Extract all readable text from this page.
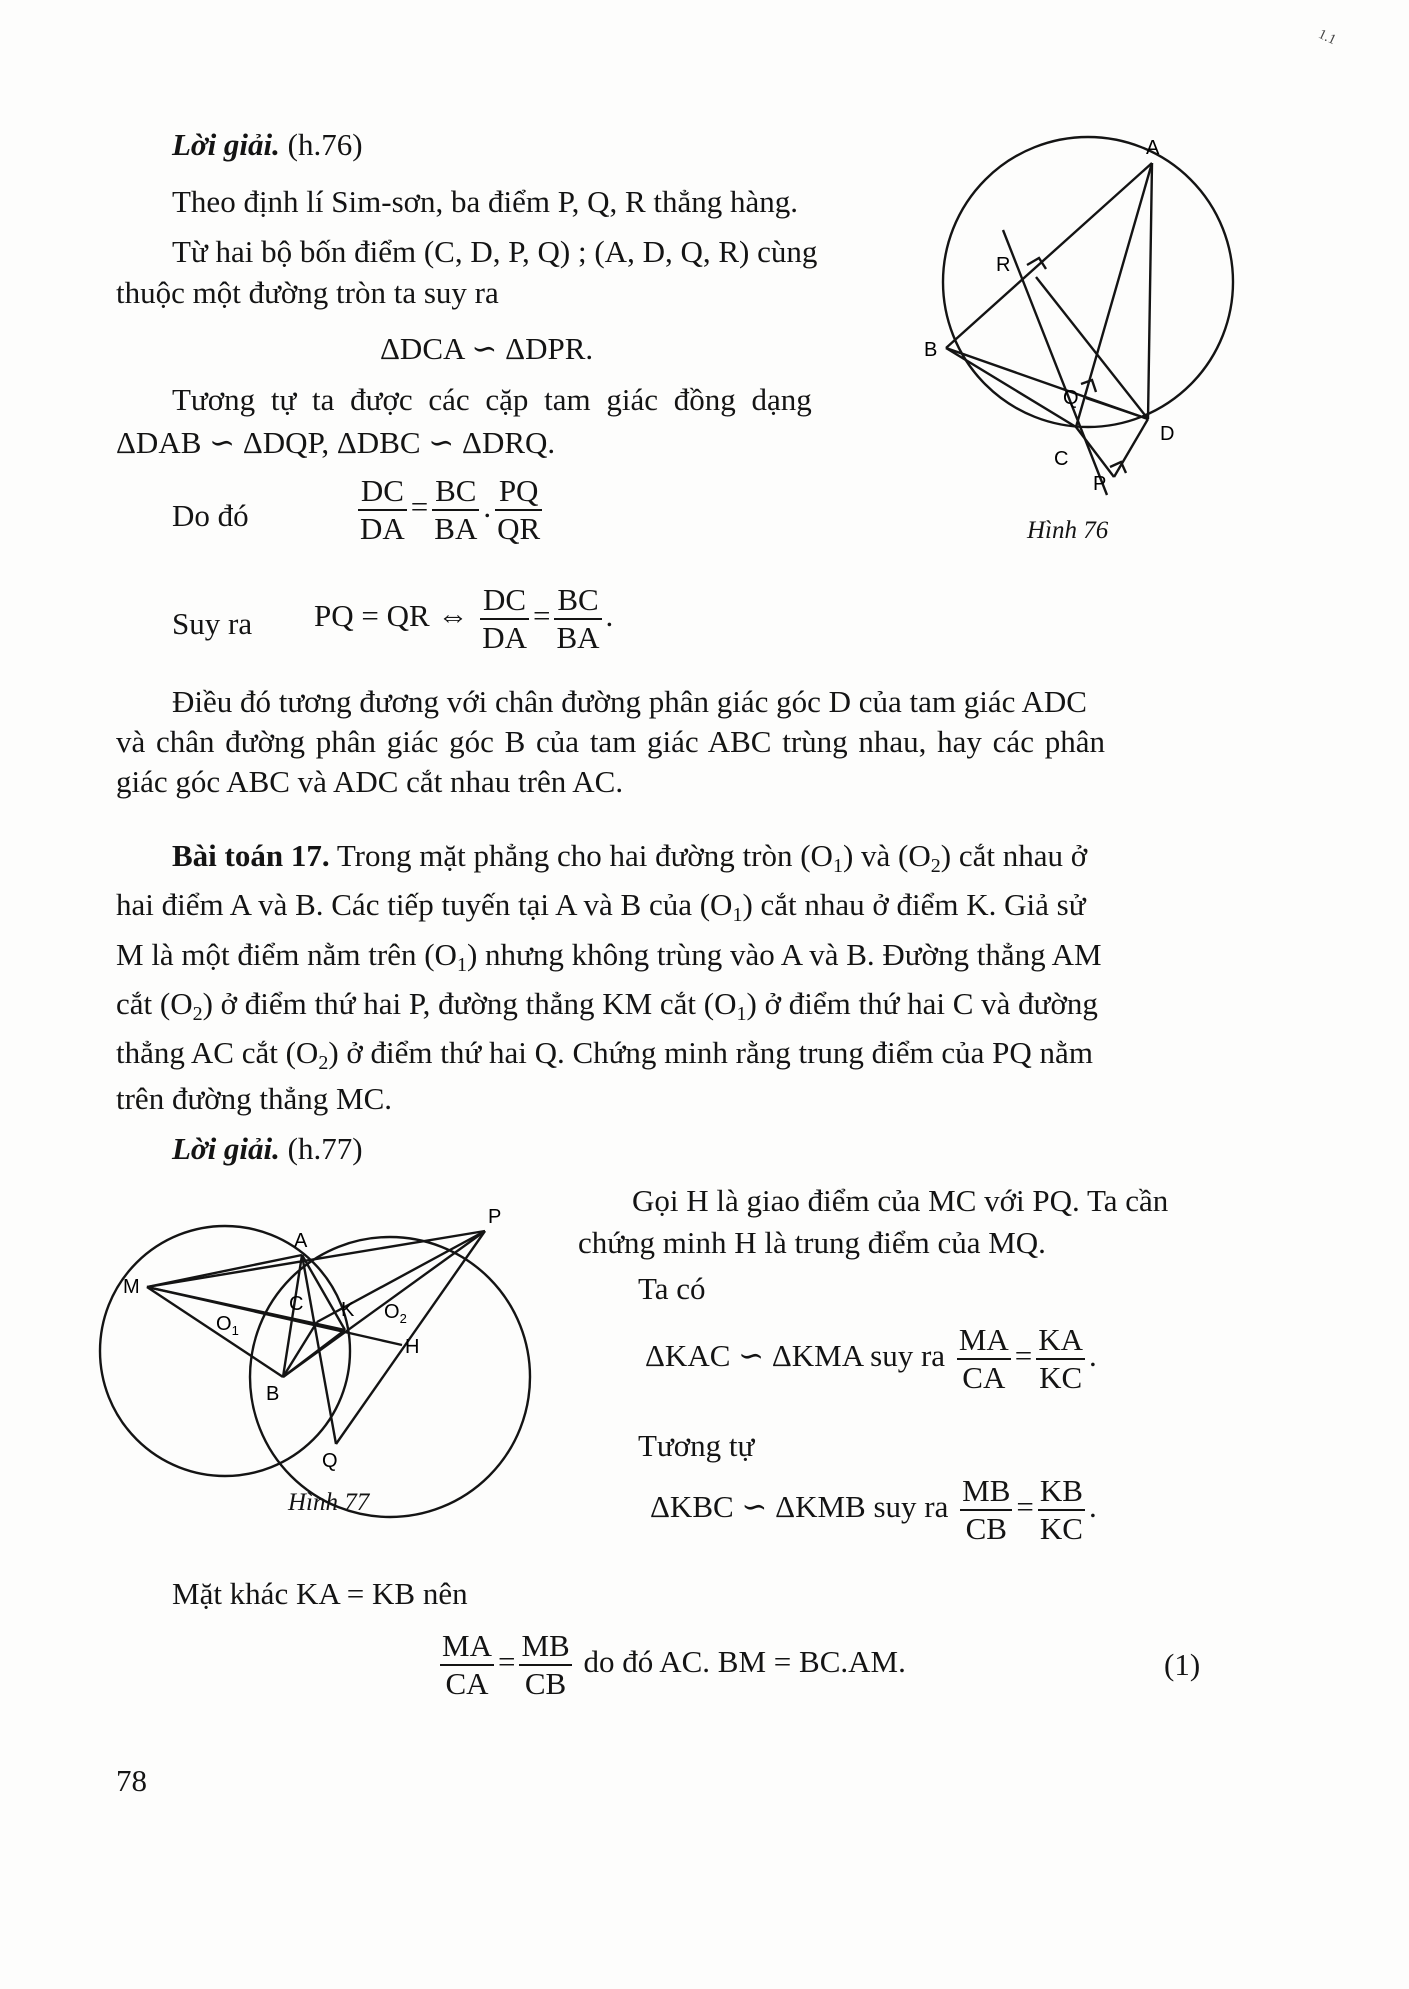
1.1
Lời giải. (h.76)
Theo định lí Sim-sơn, ba điểm P, Q, R thẳng hàng.
Từ hai bộ bốn điểm (C, D, P, Q) ; (A, D, Q, R) cùng
thuộc một đường tròn ta suy ra
ΔDCA ∽ ΔDPR.
Tương tự ta được các cặp tam giác đồng dạng
ΔDAB ∽ ΔDQP, ΔDBC ∽ ΔDRQ.
Do đó	$\frac{DC}{DA} = \frac{BC}{BA}$ . $\frac{PQ}{QR}$
Suy ra PQ = QR ⇔ $\frac{DC}{DA} = \frac{BC}{BA}$ .
Điều đó tương đương với chân đường phân giác góc D của tam giác ADC
và chân đường phân giác góc B của tam giác ABC trùng nhau, hay các phân
giác góc ABC và ADC cắt nhau trên AC.
A
R
B
Q
D
C
P
Hình 76
Bài toán 17. Trong mặt phẳng cho hai đường tròn $(O_1)$ và $(O_2)$ cắt nhau ở
hai điểm A và B. Các tiếp tuyến tại A và B của $(O_1)$ cắt nhau ở điểm K. Giả sử
M là một điểm nằm trên $(O_1)$ nhưng không trùng vào A và B. Đường thẳng AM
cắt $(O_2)$ ở điểm thứ hai P, đường thẳng KM cắt $(O_1)$ ở điểm thứ hai C và đường
thẳng AC cắt $(O_2)$ ở điểm thứ hai Q. Chứng minh rằng trung điểm của PQ nằm
trên đường thẳng MC.
Lời giải. (h.77)
Gọi H là giao điểm của MC với PQ. Ta cần
chứng minh H là trung điểm của MQ.
Ta có
ΔKAC ∽ ΔKMA suy ra $\frac{MA}{CA} = \frac{KA}{KC}$ .
Tương tự
ΔKBC ∽ ΔKMB suy ra $\frac{MB}{CB} = \frac{KB}{KC}$ .
Mặt khác KA = KB nên
$\frac{MA}{CA} = \frac{MB}{CB}$ do đó AC. BM = BC.AM.	(1)
A
P
M
$O_1$
C K $O_2$
H
B
Q
Hình 77
78
